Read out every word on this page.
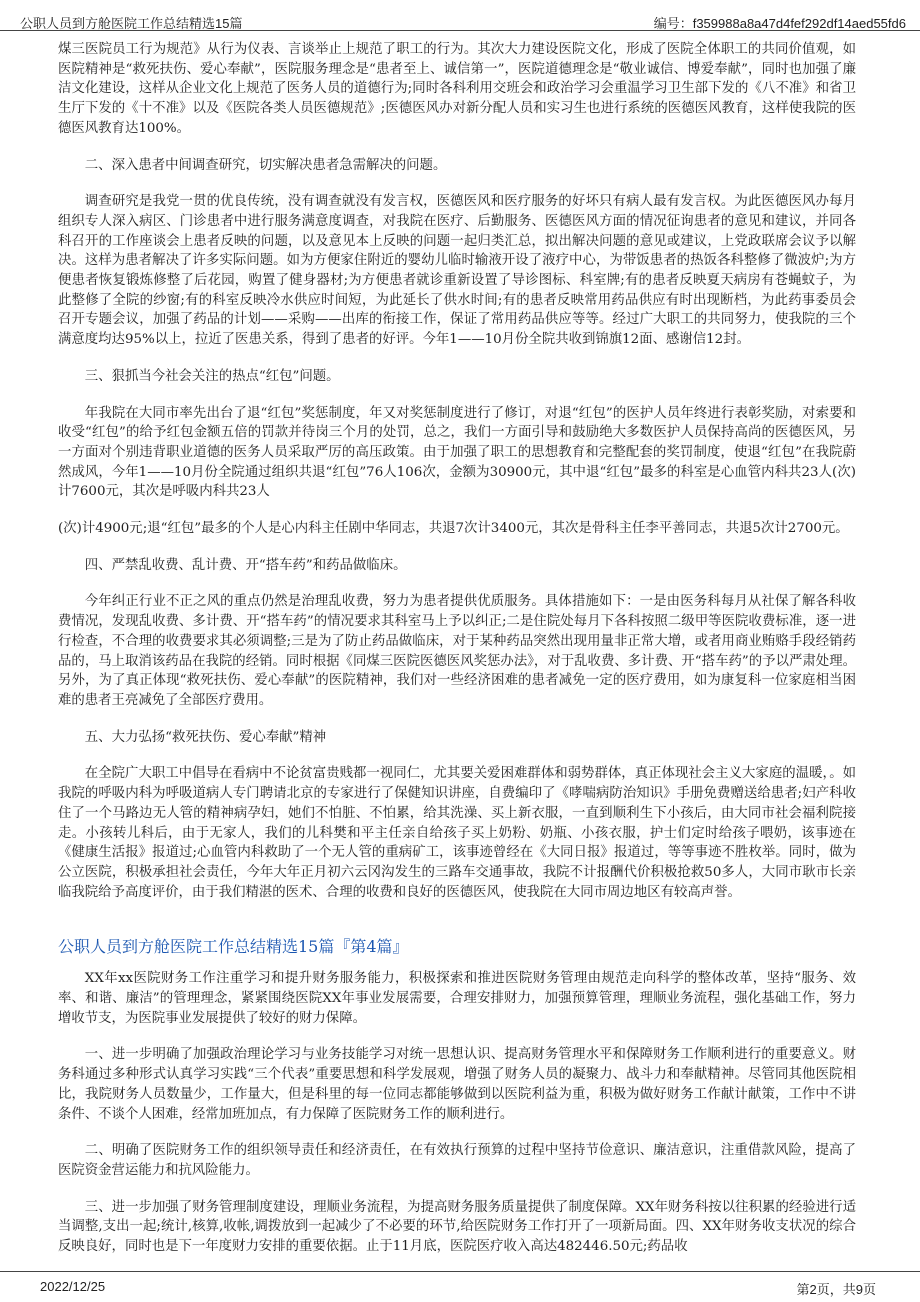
公职人员到方舱医院工作总结精选15篇	编号：f359988a8a47d4fef292df14aed55fd6

煤三医院员工行为规范》从行为仪表、言谈举止上规范了职工的行为。其次大力建设医院文化，形成了医院全体职工的共同价值观，如医院精神是“救死扶伤、爱心奉献”，医院服务理念是“患者至上、诚信第一”，医院道德理念是“敬业诚信、博爱奉献”，同时也加强了廉洁文化建设，这样从企业文化上规范了医务人员的道德行为;同时各科利用交班会和政治学习会重温学习卫生部下发的《八不准》和省卫生厅下发的《十不准》以及《医院各类人员医德规范》;医德医风办对新分配人员和实习生也进行系统的医德医风教育，这样使我院的医德医风教育达100%。

二、深入患者中间调查研究，切实解决患者急需解决的问题。

调查研究是我党一贯的优良传统，没有调查就没有发言权，医德医风和医疗服务的好坏只有病人最有发言权。为此医德医风办每月组织专人深入病区、门诊患者中进行服务满意度调查，对我院在医疗、后勤服务、医德医风方面的情况征询患者的意见和建议，并同各科召开的工作座谈会上患者反映的问题，以及意见本上反映的问题一起归类汇总，拟出解决问题的意见或建议，上党政联席会议予以解决。这样为患者解决了许多实际问题。如为方便家住附近的婴幼儿临时输液开设了液疗中心，为带饭患者的热饭各科整修了微波炉;为方便患者恢复锻炼修整了后花园，购置了健身器材;为方便患者就诊重新设置了导诊图标、科室牌;有的患者反映夏天病房有苍蝇蚊子，为此整修了全院的纱窗;有的科室反映冷水供应时间短，为此延长了供水时间;有的患者反映常用药品供应有时出现断档，为此药事委员会召开专题会议，加强了药品的计划——采购——出库的衔接工作，保证了常用药品供应等等。经过广大职工的共同努力，使我院的三个满意度均达95%以上，拉近了医患关系，得到了患者的好评。今年1——10月份全院共收到锦旗12面、感谢信12封。

三、狠抓当今社会关注的热点“红包”问题。

年我院在大同市率先出台了退“红包”奖惩制度，年又对奖惩制度进行了修订，对退“红包”的医护人员年终进行表彰奖励，对索要和收受“红包”的给予红包金额五倍的罚款并待岗三个月的处罚，总之，我们一方面引导和鼓励绝大多数医护人员保持高尚的医德医风，另一方面对个别违背职业道德的医务人员采取严厉的高压政策。由于加强了职工的思想教育和完整配套的奖罚制度，使退“红包”在我院蔚然成风，今年1——10月份全院通过组织共退“红包”76人106次，金额为30900元，其中退“红包”最多的科室是心血管内科共23人(次)计7600元，其次是呼吸内科共23人

(次)计4900元;退“红包”最多的个人是心内科主任剧中华同志，共退7次计3400元，其次是骨科主任李平善同志，共退5次计2700元。

四、严禁乱收费、乱计费、开“搭车药”和药品做临床。

今年纠正行业不正之风的重点仍然是治理乱收费，努力为患者提供优质服务。具体措施如下：一是由医务科每月从社保了解各科收费情况，发现乱收费、多计费、开“搭车药”的情况要求其科室马上予以纠正;二是住院处每月下各科按照二级甲等医院收费标准，逐一进行检查，不合理的收费要求其必须调整;三是为了防止药品做临床，对于某种药品突然出现用量非正常大增，或者用商业贿赂手段经销药品的，马上取消该药品在我院的经销。同时根据《同煤三医院医德医风奖惩办法》，对于乱收费、多计费、开“搭车药”的予以严肃处理。另外，为了真正体现“救死扶伤、爱心奉献”的医院精神，我们对一些经济困难的患者减免一定的医疗费用，如为康复科一位家庭相当困难的患者王亮减免了全部医疗费用。

五、大力弘扬“救死扶伤、爱心奉献”精神

在全院广大职工中倡导在看病中不论贫富贵贱都一视同仁，尤其要关爱困难群体和弱势群体，真正体现社会主义大家庭的温暖，。如我院的呼吸内科为呼吸道病人专门聘请北京的专家进行了保健知识讲座，自费编印了《哮喘病防治知识》手册免费赠送给患者;妇产科收住了一个马路边无人管的精神病孕妇，她们不怕脏、不怕累，给其洗澡、买上新衣服，一直到顺利生下小孩后，由大同市社会福利院接走。小孩转儿科后，由于无家人，我们的儿科樊和平主任亲自给孩子买上奶粉、奶瓶、小孩衣服，护士们定时给孩子喂奶，该事迹在《健康生活报》报道过;心血管内科救助了一个无人管的重病矿工，该事迹曾经在《大同日报》报道过，等等事迹不胜枚举。同时，做为公立医院，积极承担社会责任，今年大年正月初六云冈沟发生的三路车交通事故，我院不计报酬代价积极抢救50多人，大同市耿市长亲临我院给予高度评价，由于我们精湛的医术、合理的收费和良好的医德医风，使我院在大同市周边地区有较高声誉。

公职人员到方舱医院工作总结精选15篇『第4篇』

XX年xx医院财务工作注重学习和提升财务服务能力，积极探索和推进医院财务管理由规范走向科学的整体改革，坚持“服务、效率、和谐、廉洁”的管理理念，紧紧围绕医院XX年事业发展需要，合理安排财力，加强预算管理，理顺业务流程，强化基础工作，努力增收节支，为医院事业发展提供了较好的财力保障。

一、进一步明确了加强政治理论学习与业务技能学习对统一思想认识、提高财务管理水平和保障财务工作顺利进行的重要意义。财务科通过多种形式认真学习实践“三个代表”重要思想和科学发展观，增强了财务人员的凝聚力、战斗力和奉献精神。尽管同其他医院相比，我院财务人员数量少，工作量大，但是科里的每一位同志都能够做到以医院利益为重，积极为做好财务工作献计献策，工作中不讲条件、不谈个人困难，经常加班加点，有力保障了医院财务工作的顺利进行。

二、明确了医院财务工作的组织领导责任和经济责任，在有效执行预算的过程中坚持节俭意识、廉洁意识，注重借款风险，提高了医院资金营运能力和抗风险能力。

三、进一步加强了财务管理制度建设，理顺业务流程，为提高财务服务质量提供了制度保障。XX年财务科按以往积累的经验进行适当调整,支出一起;统计,核算,收帐,调拨放到一起减少了不必要的环节,给医院财务工作打开了一项新局面。四、XX年财务收支状况的综合反映良好，同时也是下一年度财力安排的重要依据。止于11月底，医院医疗收入高达482446.50元;药品收

2022/12/25	第2页，共9页
